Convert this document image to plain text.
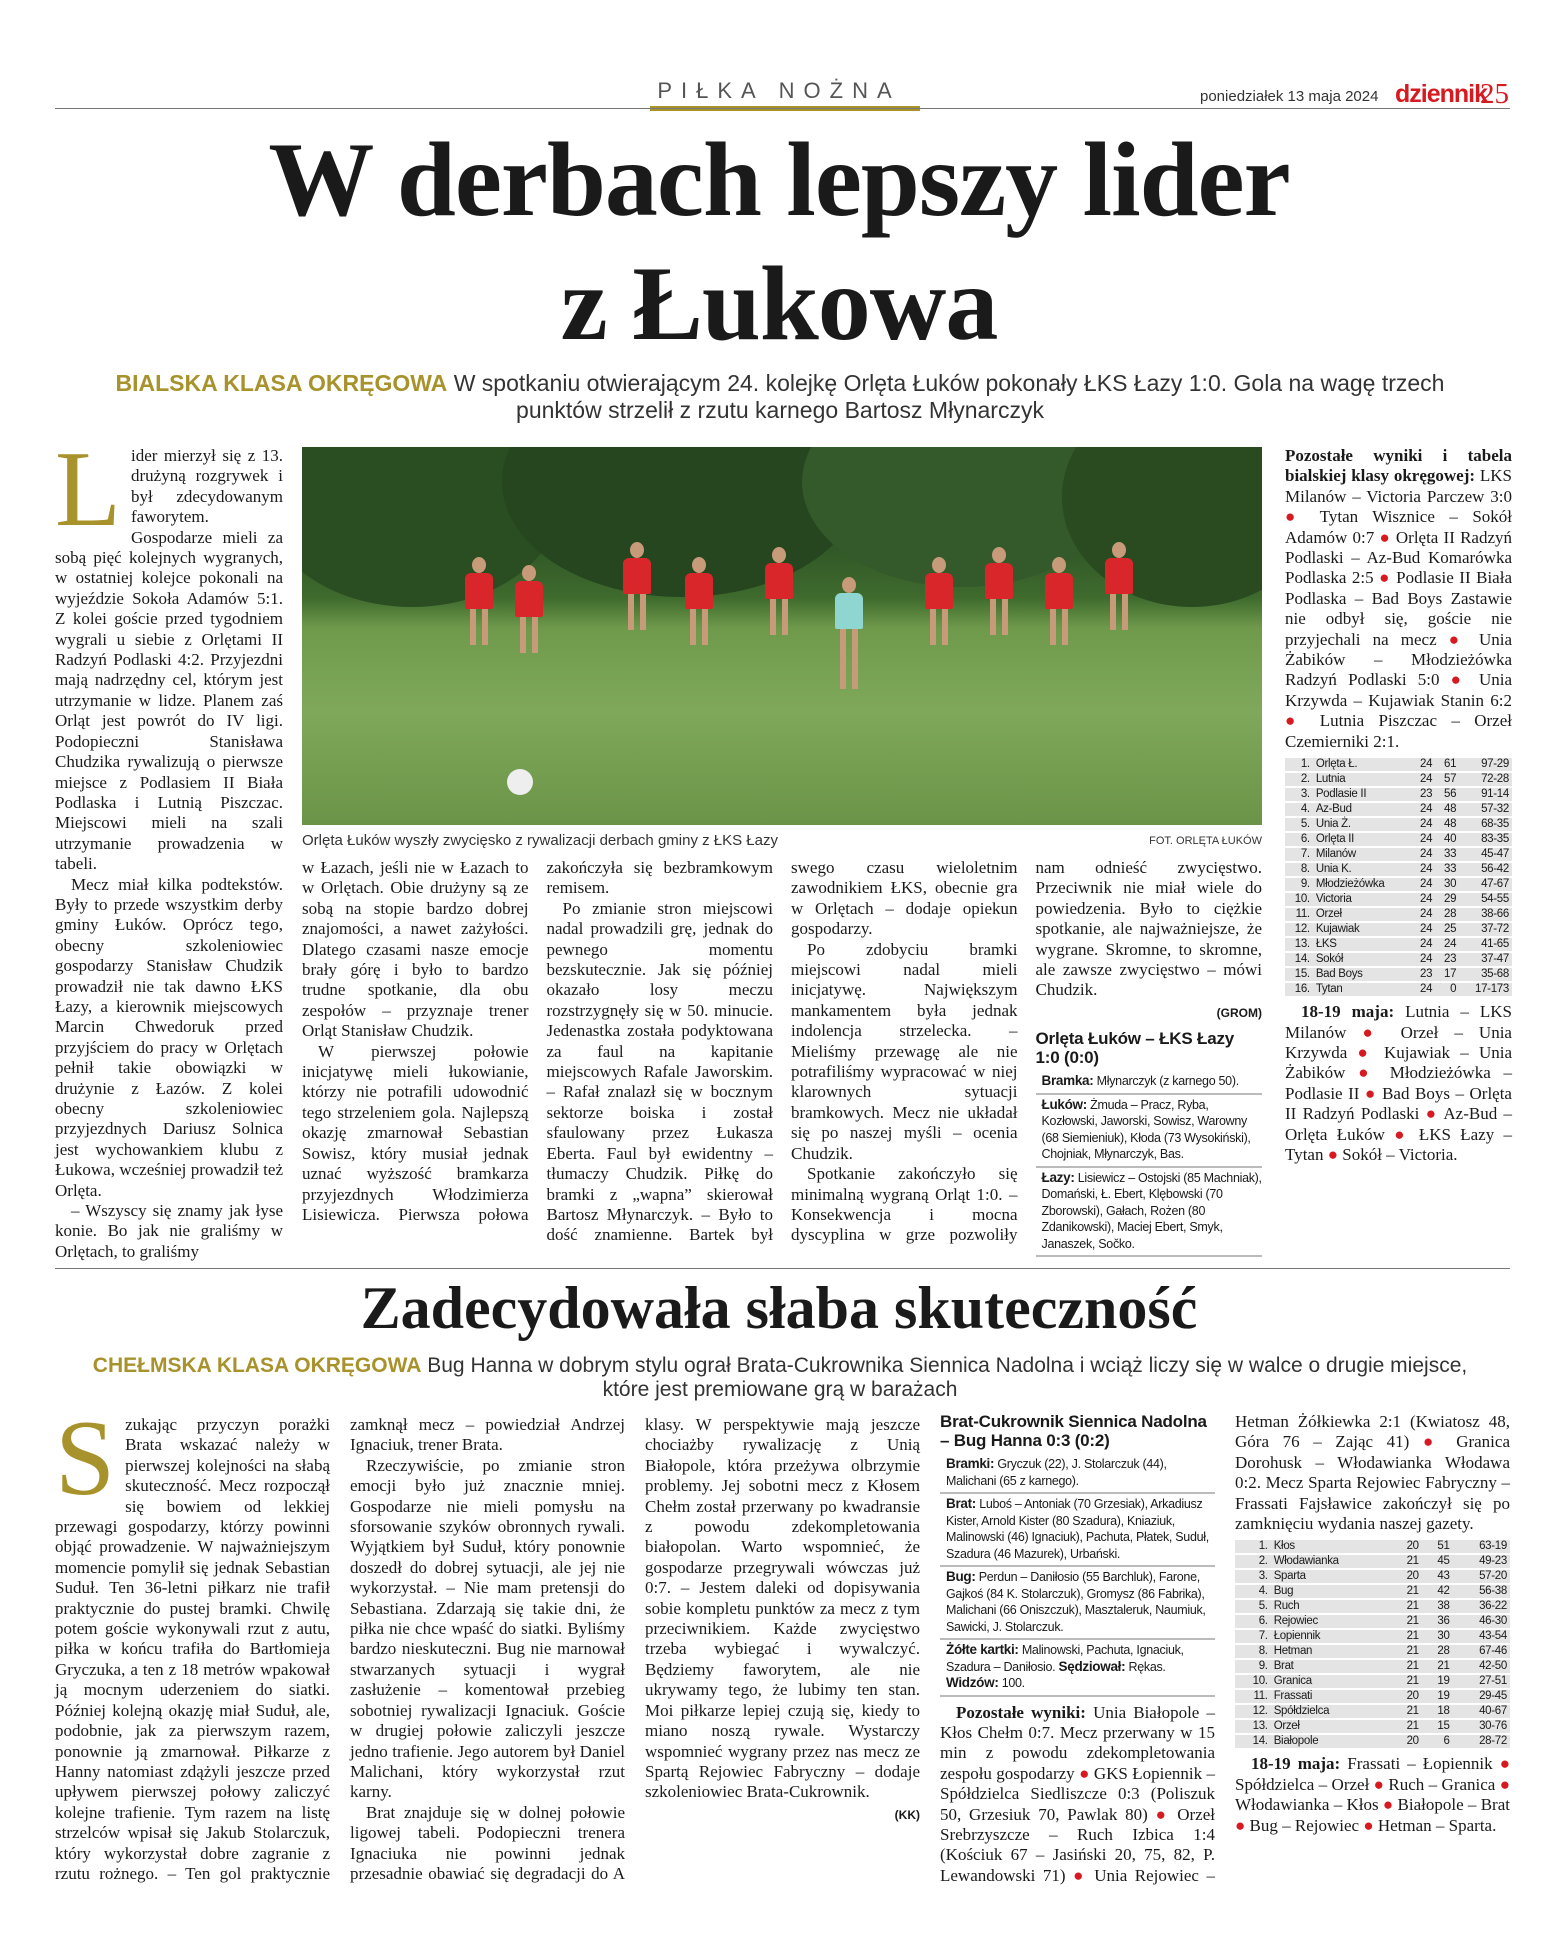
PIŁKA NOŻNA	poniedziałek 13 maja 2024 dziennik
25
W derbach lepszy lider
z Łukowa
BIALSKA KLASA OKRĘGOWA W spotkaniu otwierającym 24. kolejkę Orlęta Łuków pokonały ŁKS Łazy 1:0. Gola na wagę trzech punktów strzelił z rzutu karnego Bartosz Młynarczyk

Lider mierzył się z 13. drużyną rozgrywek i był zdecydowanym faworytem. Gospodarze mieli za sobą pięć kolejnych wygranych, w ostatniej kolejce pokonali na wyjeździe Sokoła Adamów 5:1. Z kolei goście przed tygodniem wygrali u siebie z Orlętami II Radzyń Podlaski 4:2. Przyjezdni mają nadrzędny cel, którym jest utrzymanie w lidze. Planem zaś Orląt jest powrót do IV ligi. Podopieczni Stanisława Chudzika rywalizują o pierwsze miejsce z Podlasiem II Biała Podlaska i Lutnią Piszczac. Miejscowi mieli na szali utrzymanie prowadzenia w tabeli.

Mecz miał kilka podtekstów. Były to przede wszystkim derby gminy Łuków. Oprócz tego, obecny szkoleniowiec gospodarzy Stanisław Chudzik prowadził nie tak dawno ŁKS Łazy, a kierownik miejscowych Marcin Chwedoruk przed przyjściem do pracy w Orlętach pełnił takie obowiązki w drużynie z Łazów. Z kolei obecny szkoleniowiec przyjezdnych Dariusz Solnica jest wychowankiem klubu z Łukowa, wcześniej prowadził też Orlęta.

– Wszyscy się znamy jak łyse konie. Bo jak nie graliśmy w Orlętach, to graliśmy

Orlęta Łuków wyszły zwycięsko z rywalizacji derbach gminy z ŁKS Łazy	FOT. ORLĘTA ŁUKÓW

w Łazach, jeśli nie w Łazach to w Orlętach. Obie drużyny są ze sobą na stopie bardzo dobrej znajomości, a nawet zażyłości. Dlatego czasami nasze emocje brały górę i było to bardzo trudne spotkanie, dla obu zespołów – przyznaje trener Orląt Stanisław Chudzik.

W pierwszej połowie inicjatywę mieli łukowianie, którzy nie potrafili udowodnić tego strzeleniem gola. Najlepszą okazję zmarnował Sebastian Sowisz, który musiał jednak uznać wyższość bramkarza przyjezdnych Włodzimierza Lisiewicza. Pierwsza połowa zakończyła się bezbramkowym remisem.

Po zmianie stron miejscowi nadal prowadzili grę, jednak do pewnego momentu bezskutecznie. Jak się później okazało losy meczu rozstrzygnęły się w 50. minucie. Jedenastka została podyktowana za faul na kapitanie miejscowych Rafale Jaworskim. – Rafał znalazł się w bocznym sektorze boiska i został sfaulowany przez Łukasza Eberta. Faul był ewidentny – tłumaczy Chudzik. Piłkę do bramki z „wapna” skierował Bartosz Młynarczyk. – Było to dość znamienne. Bartek był swego czasu wieloletnim zawodnikiem ŁKS, obecnie gra w Orlętach – dodaje opiekun gospodarzy.

Po zdobyciu bramki miejscowi nadal mieli inicjatywę. Największym mankamentem była jednak indolencja strzelecka. – Mieliśmy przewagę ale nie potrafiliśmy wypracować w niej klarownych sytuacji bramkowych. Mecz nie układał się po naszej myśli – ocenia Chudzik.

Spotkanie zakończyło się minimalną wygraną Orląt 1:0. – Konsekwencja i mocna dyscyplina w grze pozwoliły nam odnieść zwycięstwo. Przeciwnik nie miał wiele do powiedzenia. Było to ciężkie spotkanie, ale najważniejsze, że wygrane. Skromne, to skromne, ale zawsze zwycięstwo – mówi Chudzik.

(GROM)
Orlęta Łuków – ŁKS Łazy 1:0 (0:0)
Bramka: Młynarczyk (z karnego 50).
Łuków: Żmuda – Pracz, Ryba, Kozłowski, Jaworski, Sowisz, Warowny (68 Siemieniuk), Kłoda (73 Wysokiński), Chojniak, Młynarczyk, Bas.
Łazy: Lisiewicz – Ostojski (85 Machniak), Domański, Ł. Ebert, Klębowski (70 Zborowski), Gałach, Rożen (80 Zdanikowski), Maciej Ebert, Smyk, Janaszek, Sočko.

Pozostałe wyniki i tabela bialskiej klasy okręgowej: LKS Milanów – Victoria Parczew 3:0 ● Tytan Wisznice – Sokół Adamów 0:7 ● Orlęta II Radzyń Podlaski – Az-Bud Komarówka Podlaska 2:5 ● Podlasie II Biała Podlaska – Bad Boys Zastawie nie odbył się, goście nie przyjechali na mecz ● Unia Żabików – Młodzieżówka Radzyń Podlaski 5:0 ● Unia Krzywda – Kujawiak Stanin 6:2 ● Lutnia Piszczac – Orzeł Czemierniki 2:1.

1.	Orlęta Ł.	24	61	97-29
2.	Lutnia	24	57	72-28
3.	Podlasie II	23	56	91-14
4.	Az-Bud	24	48	57-32
5.	Unia Ż.	24	48	68-35
6.	Orlęta II	24	40	83-35
7.	Milanów	24	33	45-47
8.	Unia K.	24	33	56-42
9.	Młodzieżówka	24	30	47-67
10.	Victoria	24	29	54-55
11.	Orzeł	24	28	38-66
12.	Kujawiak	24	25	37-72
13.	ŁKS	24	24	41-65
14.	Sokół	24	23	37-47
15.	Bad Boys	23	17	35-68
16.	Tytan	24	0	17-173

18-19 maja: Lutnia – LKS Milanów ● Orzeł – Unia Krzywda ● Kujawiak – Unia Żabików ● Młodzieżówka – Podlasie II ● Bad Boys – Orlęta II Radzyń Podlaski ● Az-Bud – Orlęta Łuków ● ŁKS Łazy – Tytan ● Sokół – Victoria.

Zadecydowała słaba skuteczność
CHEŁMSKA KLASA OKRĘGOWA Bug Hanna w dobrym stylu ograł Brata-Cukrownika Siennica Nadolna i wciąż liczy się w walce o drugie miejsce, które jest premiowane grą w barażach

Szukając przyczyn porażki Brata wskazać należy w pierwszej kolejności na słabą skuteczność. Mecz rozpoczął się bowiem od lekkiej przewagi gospodarzy, którzy powinni objąć prowadzenie. W najważniejszym momencie pomylił się jednak Sebastian Suduł. Ten 36-letni piłkarz nie trafił praktycznie do pustej bramki. Chwilę potem goście wykonywali rzut z autu, piłka w końcu trafiła do Bartłomieja Gryczuka, a ten z 18 metrów wpakował ją mocnym uderzeniem do siatki. Później kolejną okazję miał Suduł, ale, podobnie, jak za pierwszym razem, ponownie ją zmarnował. Piłkarze z Hanny natomiast zdążyli jeszcze przed upływem pierwszej połowy zaliczyć kolejne trafienie. Tym razem na listę strzelców wpisał się Jakub Stolarczuk, który wykorzystał dobre zagranie z rzutu rożnego. – Ten gol praktycznie zamknął mecz – powiedział Andrzej Ignaciuk, trener Brata.

Rzeczywiście, po zmianie stron emocji było już znacznie mniej. Gospodarze nie mieli pomysłu na sforsowanie szyków obronnych rywali. Wyjątkiem był Suduł, który ponownie doszedł do dobrej sytuacji, ale jej nie wykorzystał. – Nie mam pretensji do Sebastiana. Zdarzają się takie dni, że piłka nie chce wpaść do siatki. Byliśmy bardzo nieskuteczni. Bug nie marnował stwarzanych sytuacji i wygrał zasłużenie – komentował przebieg sobotniej rywalizacji Ignaciuk. Goście w drugiej połowie zaliczyli jeszcze jedno trafienie. Jego autorem był Daniel Malichani, który wykorzystał rzut karny.

Brat znajduje się w dolnej połowie ligowej tabeli. Podopieczni trenera Ignaciuka nie powinni jednak przesadnie obawiać się degradacji do A klasy. W perspektywie mają jeszcze chociażby rywalizację z Unią Białopole, która przeżywa olbrzymie problemy. Jej sobotni mecz z Kłosem Chełm został przerwany po kwadransie z powodu zdekompletowania białopolan. Warto wspomnieć, że gospodarze przegrywali wówczas już 0:7. – Jestem daleki od dopisywania sobie kompletu punktów za mecz z tym przeciwnikiem. Każde zwycięstwo trzeba wybiegać i wywalczyć. Będziemy faworytem, ale nie ukrywamy tego, że lubimy ten stan. Moi piłkarze lepiej czują się, kiedy to miano noszą rywale. Wystarczy wspomnieć wygrany przez nas mecz ze Spartą Rejowiec Fabryczny – dodaje szkoleniowiec Brata-Cukrownik.

(KK)
Brat-Cukrownik Siennica Nadolna – Bug Hanna 0:3 (0:2)
Bramki: Gryczuk (22), J. Stolarczuk (44), Malichani (65 z karnego).
Brat: Luboś – Antoniak (70 Grzesiak), Arkadiusz Kister, Arnold Kister (80 Szadura), Kniaziuk, Malinowski (46) Ignaciuk), Pachuta, Płatek, Suduł, Szadura (46 Mazurek), Urbański.
Bug: Perdun – Daniłosio (55 Barchluk), Farone, Gajkoś (84 K. Stolarczuk), Gromysz (86 Fabrika), Malichani (66 Oniszczuk), Masztaleruk, Naumiuk, Sawicki, J. Stolarczuk.
Żółte kartki: Malinowski, Pachuta, Ignaciuk, Szadura – Daniłosio. Sędziował: Rękas. Widzów: 100.

Pozostałe wyniki: Unia Białopole – Kłos Chełm 0:7. Mecz przerwany w 15 min z powodu zdekompletowania zespołu gospodarzy ● GKS Łopiennik – Spółdzielca Siedliszcze 0:3 (Poliszuk 50, Grzesiuk 70, Pawlak 80) ● Orzeł Srebrzyszcze – Ruch Izbica 1:4 (Kościuk 67 – Jasiński 20, 75, 82, P. Lewandowski 71) ● Unia Rejowiec – Hetman Żółkiewka 2:1 (Kwiatosz 48, Góra 76 – Zając 41) ● Granica Dorohusk – Włodawianka Włodawa 0:2. Mecz Sparta Rejowiec Fabryczny – Frassati Fajsławice zakończył się po zamknięciu wydania naszej gazety.

1.	Kłos	20	51	63-19
2.	Włodawianka	21	45	49-23
3.	Sparta	20	43	57-20
4.	Bug	21	42	56-38
5.	Ruch	21	38	36-22
6.	Rejowiec	21	36	46-30
7.	Łopiennik	21	30	43-54
8.	Hetman	21	28	67-46
9.	Brat	21	21	42-50
10.	Granica	21	19	27-51
11.	Frassati	20	19	29-45
12.	Spółdzielca	21	18	40-67
13.	Orzeł	21	15	30-76
14.	Białopole	20	6	28-72

18-19 maja: Frassati – Łopiennik ● Spółdzielca – Orzeł ● Ruch – Granica ● Włodawianka – Kłos ● Białopole – Brat ● Bug – Rejowiec ● Hetman – Sparta.
